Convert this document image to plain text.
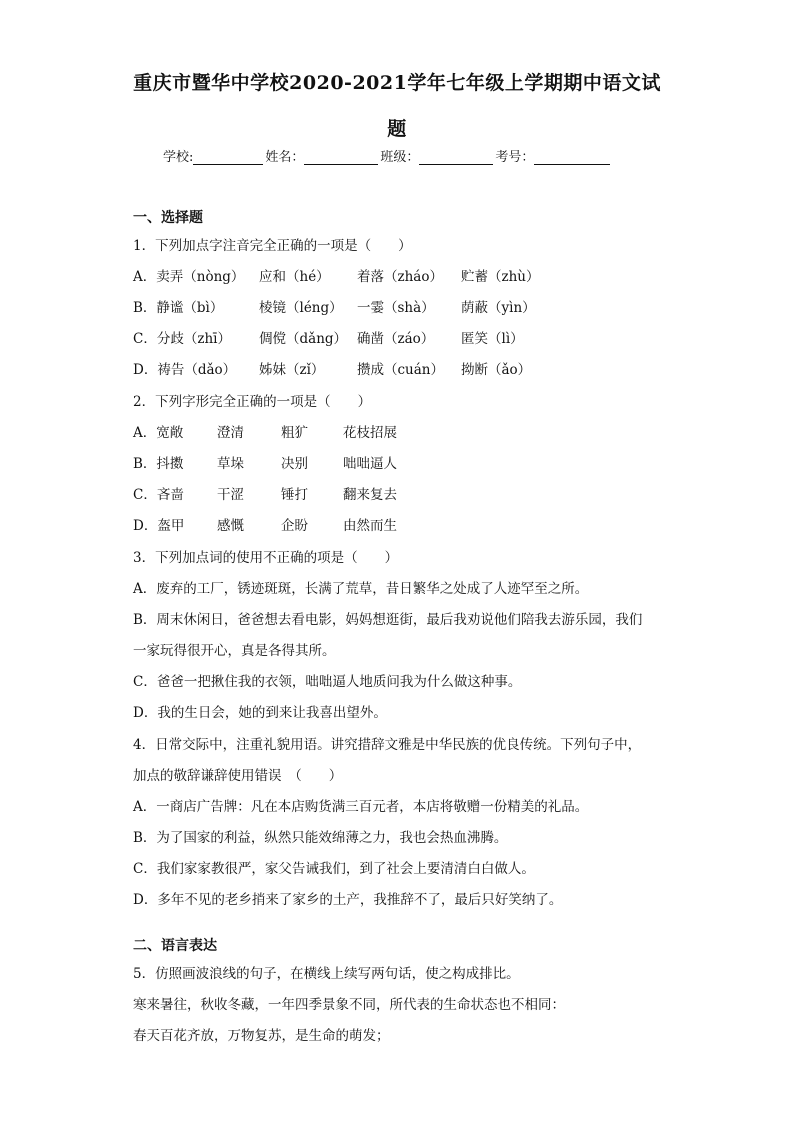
重庆市暨华中学校2020-2021学年七年级上学期期中语文试
题
学校:	姓名：	班级：	考号：
一、选择题
1．下列加点字注音完全正确的一项是（　　）
A．卖弄（nòng）	应和（hé）	着落（zháo）	贮蓄（zhù）
B．静谧（bì）	棱镜（léng）	一霎（shà）	荫蔽（yìn）
C．分歧（zhī）	倜傥（dǎng） 确凿（záo）	匿笑（lì）
D．祷告（dǎo）	姊妹（zǐ）	攒成（cuán）	拗断（ǎo）
2．下列字形完全正确的一项是（　　）
A．宽敞	澄清	粗犷	花枝招展
B．抖擞	草垛	决别	咄咄逼人
C．吝啬	干涩	锤打	翻来复去
D．盔甲	感慨	企盼	由然而生
3．下列加点词的使用不正确的项是（　　）
A．废弃的工厂，锈迹斑斑，长满了荒草，昔日繁华之处成了人迹罕至之所。
B．周末休闲日，爸爸想去看电影，妈妈想逛街，最后我劝说他们陪我去游乐园，我们
一家玩得很开心，真是各得其所。
C．爸爸一把揪住我的衣领，咄咄逼人地质问我为什么做这种事。
D．我的生日会，她的到来让我喜出望外。
4．日常交际中，注重礼貌用语。讲究措辞文雅是中华民族的优良传统。下列句子中，
加点的敬辞谦辞使用错误　（　　）
A．一商店广告牌：凡在本店购货满三百元者，本店将敬赠一份精美的礼品。
B．为了国家的利益，纵然只能效绵薄之力，我也会热血沸腾。
C．我们家家教很严，家父告诫我们，到了社会上要清清白白做人。
D．多年不见的老乡捎来了家乡的土产，我推辞不了，最后只好笑纳了。
二、语言表达
5．仿照画波浪线的句子，在横线上续写两句话，使之构成排比。
寒来暑往，秋收冬藏，一年四季景象不同，所代表的生命状态也不相同：
春天百花齐放，万物复苏，是生命的萌发；
